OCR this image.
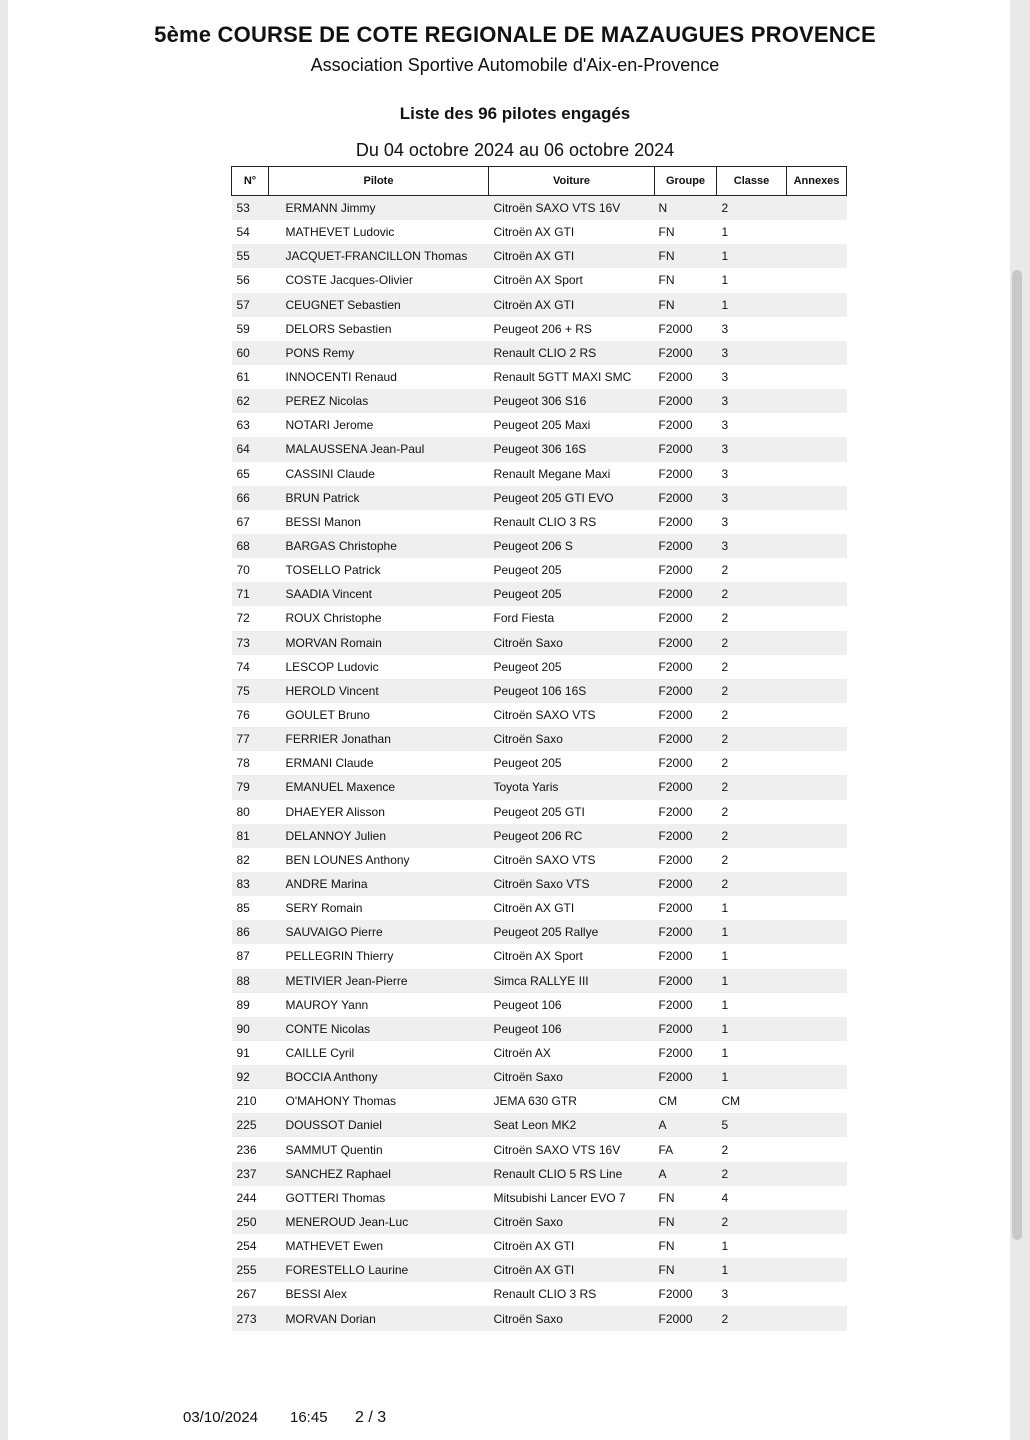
5ème COURSE DE COTE REGIONALE DE MAZAUGUES PROVENCE
Association Sportive Automobile d'Aix-en-Provence
Liste des 96 pilotes engagés
Du 04 octobre 2024 au 06 octobre 2024
N°	Pilote	Voiture	Groupe	Classe	Annexes
53	ERMANN Jimmy	Citroën SAXO VTS 16V	N	2	
54	MATHEVET Ludovic	Citroën AX GTI	FN	1	
55	JACQUET-FRANCILLON Thomas	Citroën AX GTI	FN	1	
56	COSTE Jacques-Olivier	Citroën AX Sport	FN	1	
57	CEUGNET Sebastien	Citroën AX GTI	FN	1	
59	DELORS Sebastien	Peugeot 206 + RS	F2000	3	
60	PONS Remy	Renault CLIO 2 RS	F2000	3	
61	INNOCENTI Renaud	Renault 5GTT MAXI SMC	F2000	3	
62	PEREZ Nicolas	Peugeot 306 S16	F2000	3	
63	NOTARI Jerome	Peugeot 205 Maxi	F2000	3	
64	MALAUSSENA Jean-Paul	Peugeot 306 16S	F2000	3	
65	CASSINI Claude	Renault Megane Maxi	F2000	3	
66	BRUN Patrick	Peugeot 205 GTI EVO	F2000	3	
67	BESSI Manon	Renault CLIO 3 RS	F2000	3	
68	BARGAS Christophe	Peugeot 206 S	F2000	3	
70	TOSELLO Patrick	Peugeot 205	F2000	2	
71	SAADIA Vincent	Peugeot 205	F2000	2	
72	ROUX Christophe	Ford Fiesta	F2000	2	
73	MORVAN Romain	Citroën Saxo	F2000	2	
74	LESCOP Ludovic	Peugeot 205	F2000	2	
75	HEROLD Vincent	Peugeot 106 16S	F2000	2	
76	GOULET Bruno	Citroën SAXO VTS	F2000	2	
77	FERRIER Jonathan	Citroën Saxo	F2000	2	
78	ERMANI Claude	Peugeot 205	F2000	2	
79	EMANUEL Maxence	Toyota Yaris	F2000	2	
80	DHAEYER Alisson	Peugeot 205 GTI	F2000	2	
81	DELANNOY Julien	Peugeot 206 RC	F2000	2	
82	BEN LOUNES Anthony	Citroën SAXO VTS	F2000	2	
83	ANDRE Marina	Citroën Saxo VTS	F2000	2	
85	SERY Romain	Citroën AX GTI	F2000	1	
86	SAUVAIGO Pierre	Peugeot 205 Rallye	F2000	1	
87	PELLEGRIN Thierry	Citroën AX Sport	F2000	1	
88	METIVIER Jean-Pierre	Simca RALLYE III	F2000	1	
89	MAUROY Yann	Peugeot 106	F2000	1	
90	CONTE Nicolas	Peugeot 106	F2000	1	
91	CAILLE Cyril	Citroën AX	F2000	1	
92	BOCCIA Anthony	Citroën Saxo	F2000	1	
210	O'MAHONY Thomas	JEMA 630 GTR	CM	CM	
225	DOUSSOT Daniel	Seat Leon MK2	A	5	
236	SAMMUT Quentin	Citroën SAXO VTS 16V	FA	2	
237	SANCHEZ Raphael	Renault CLIO 5 RS Line	A	2	
244	GOTTERI Thomas	Mitsubishi Lancer EVO 7	FN	4	
250	MENEROUD Jean-Luc	Citroën Saxo	FN	2	
254	MATHEVET Ewen	Citroën AX GTI	FN	1	
255	FORESTELLO Laurine	Citroën AX GTI	FN	1	
267	BESSI Alex	Renault CLIO 3 RS	F2000	3	
273	MORVAN Dorian	Citroën Saxo	F2000	2	
03/10/2024 16:45 2 / 3
